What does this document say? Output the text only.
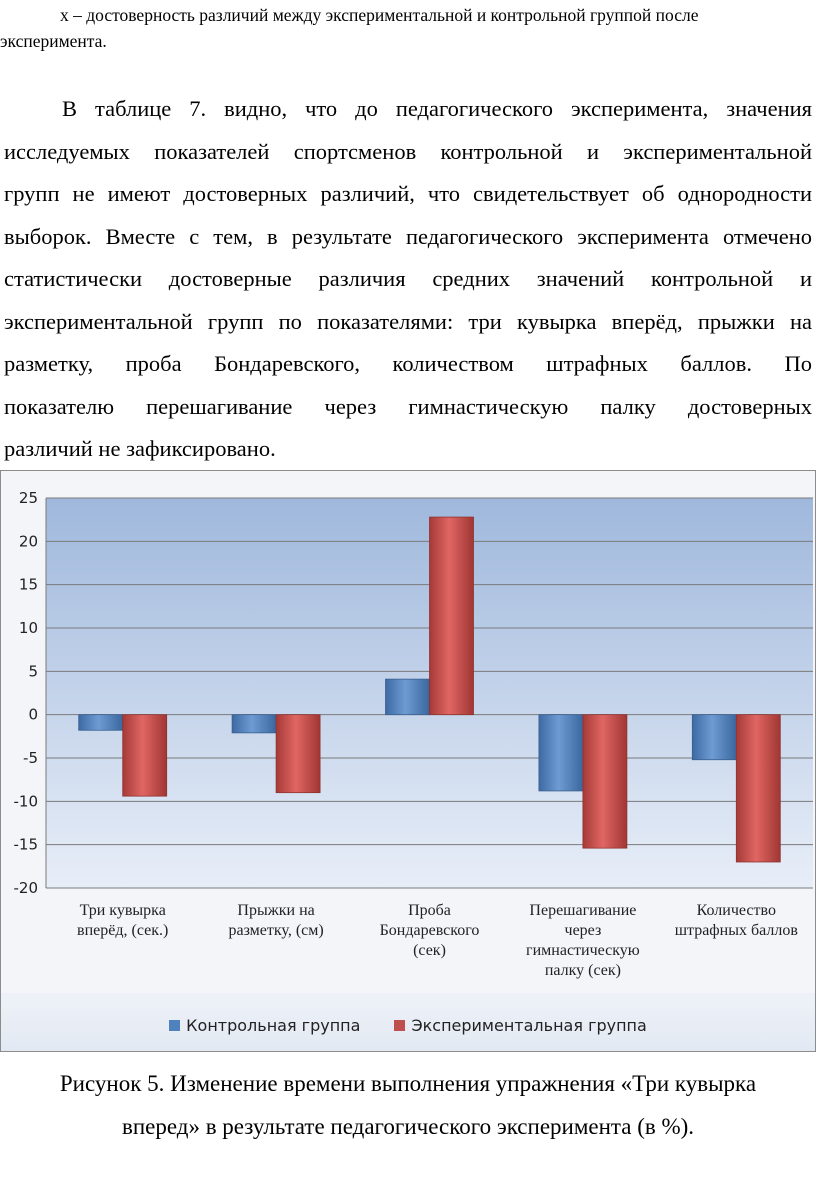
х – достоверность различий между экспериментальной и контрольной группой после
эксперимента.
В таблице 7. видно, что до педагогического эксперимента, значения
исследуемых показателей спортсменов контрольной и экспериментальной
групп не имеют достоверных различий, что свидетельствует об однородности
выборок. Вместе с тем, в результате педагогического эксперимента отмечено
статистически достоверные различия средних значений контрольной и
экспериментальной групп по показателями: три кувырка вперёд, прыжки на
разметку, проба Бондаревского, количеством штрафных баллов. По
показателю перешагивание через гимнастическую палку достоверных
различий не зафиксировано.
25
20
15
10
5
0
-5
-10
-15
-20
Три кувырка вперёд, (сек.)
Прыжки на разметку, (см)
Проба Бондаревского (сек)
Перешагивание через гимнастическую палку (сек)
Количество штрафных баллов
Контрольная группа	Экспериментальная группа
Рисунок 5. Изменение времени выполнения упражнения «Три кувырка
вперед» в результате педагогического эксперимента (в %).
